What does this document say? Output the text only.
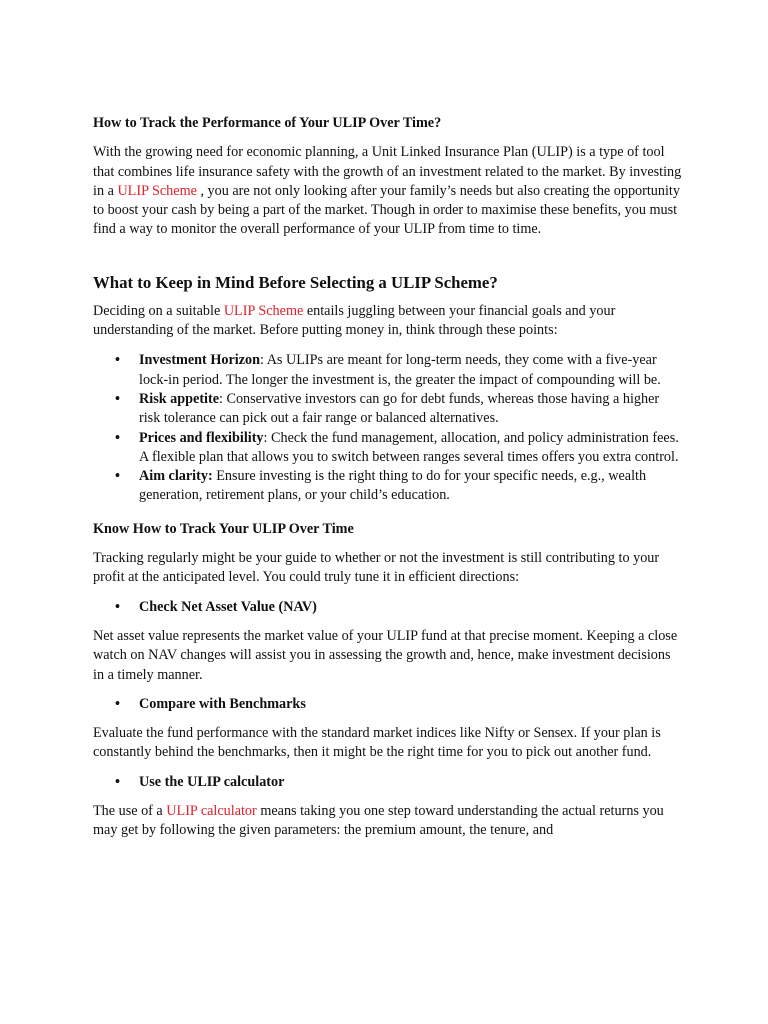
How to Track the Performance of Your ULIP Over Time?

With the growing need for economic planning, a Unit Linked Insurance Plan (ULIP) is a type of tool that combines life insurance safety with the growth of an investment related to the market. By investing in a ULIP Scheme , you are not only looking after your family’s needs but also creating the opportunity to boost your cash by being a part of the market. Though in order to maximise these benefits, you must find a way to monitor the overall performance of your ULIP from time to time.

What to Keep in Mind Before Selecting a ULIP Scheme?

Deciding on a suitable ULIP Scheme entails juggling between your financial goals and your understanding of the market. Before putting money in, think through these points:

• Investment Horizon: As ULIPs are meant for long-term needs, they come with a five-year lock-in period. The longer the investment is, the greater the impact of compounding will be.
• Risk appetite: Conservative investors can go for debt funds, whereas those having a higher risk tolerance can pick out a fair range or balanced alternatives.
• Prices and flexibility: Check the fund management, allocation, and policy administration fees. A flexible plan that allows you to switch between ranges several times offers you extra control.
• Aim clarity: Ensure investing is the right thing to do for your specific needs, e.g., wealth generation, retirement plans, or your child’s education.

Know How to Track Your ULIP Over Time

Tracking regularly might be your guide to whether or not the investment is still contributing to your profit at the anticipated level. You could truly tune it in efficient directions:

• Check Net Asset Value (NAV)

Net asset value represents the market value of your ULIP fund at that precise moment. Keeping a close watch on NAV changes will assist you in assessing the growth and, hence, make investment decisions in a timely manner.

• Compare with Benchmarks

Evaluate the fund performance with the standard market indices like Nifty or Sensex. If your plan is constantly behind the benchmarks, then it might be the right time for you to pick out another fund.

• Use the ULIP calculator

The use of a ULIP calculator means taking you one step toward understanding the actual returns you may get by following the given parameters: the premium amount, the tenure, and
